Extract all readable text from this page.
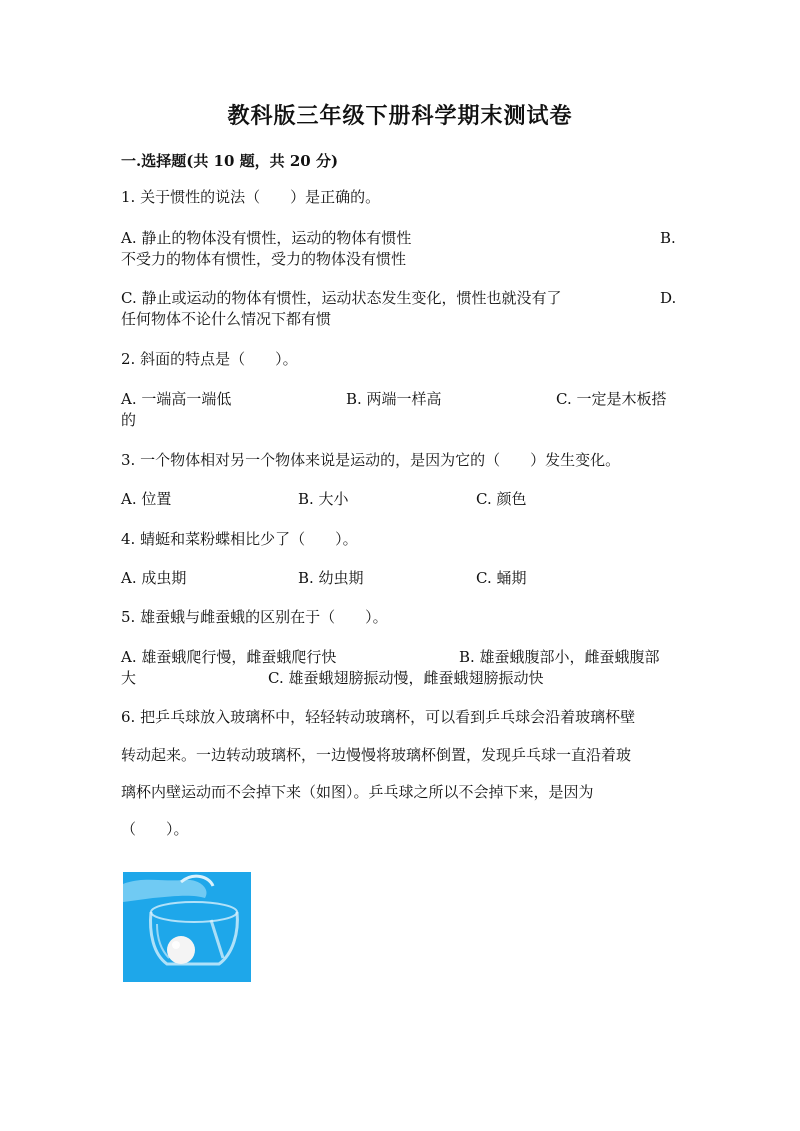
教科版三年级下册科学期末测试卷
一.选择题(共 10 题，共 20 分)
1. 关于惯性的说法（　　）是正确的。
A. 静止的物体没有惯性，运动的物体有惯性	B.
不受力的物体有惯性，受力的物体没有惯性
C. 静止或运动的物体有惯性，运动状态发生变化，惯性也就没有了	D.
任何物体不论什么情况下都有惯
2. 斜面的特点是（　　）。
A. 一端高一端低	B. 两端一样高	C. 一定是木板搭
的
3. 一个物体相对另一个物体来说是运动的，是因为它的（　　）发生变化。
A. 位置	B. 大小	C. 颜色
4. 蜻蜓和菜粉蝶相比少了（　　）。
A. 成虫期	B. 幼虫期	C. 蛹期
5. 雄蚕蛾与雌蚕蛾的区别在于（　　）。
A. 雄蚕蛾爬行慢，雌蚕蛾爬行快	B. 雄蚕蛾腹部小，雌蚕蛾腹部
大	C. 雄蚕蛾翅膀振动慢，雌蚕蛾翅膀振动快
6. 把乒乓球放入玻璃杯中，轻轻转动玻璃杯，可以看到乒乓球会沿着玻璃杯壁
转动起来。一边转动玻璃杯，一边慢慢将玻璃杯倒置，发现乒乓球一直沿着玻
璃杯内壁运动而不会掉下来（如图）。乒乓球之所以不会掉下来，是因为
（　　）。
